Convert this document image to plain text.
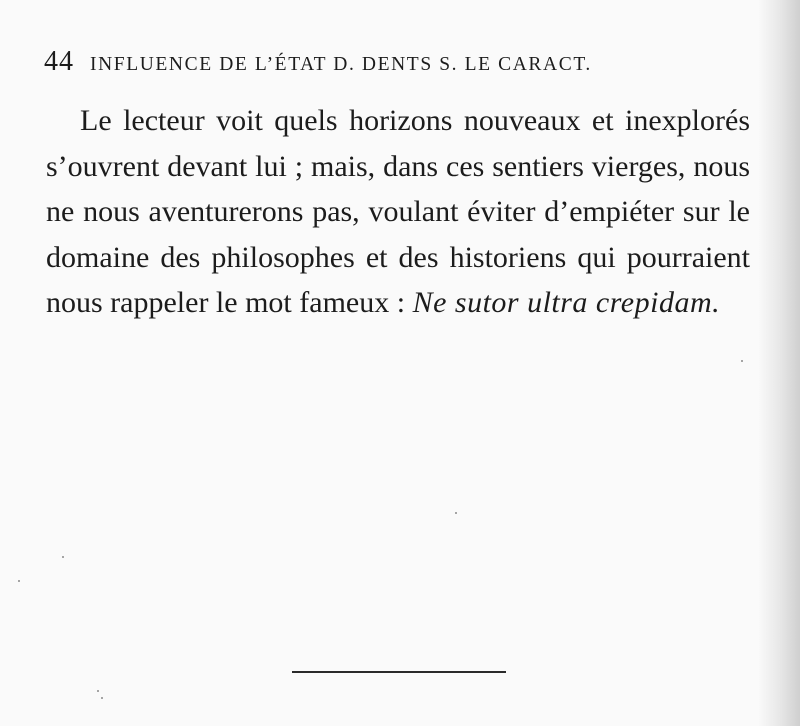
44 INFLUENCE DE L’ÉTAT D. DENTS S. LE CARACT.

Le lecteur voit quels horizons nouveaux et inexplorés s’ouvrent devant lui ; mais, dans ces sentiers vierges, nous ne nous aventurerons pas, voulant éviter d’empiéter sur le domaine des philosophes et des historiens qui pourraient nous rappeler le mot fameux : Ne sutor ultra crepidam.
